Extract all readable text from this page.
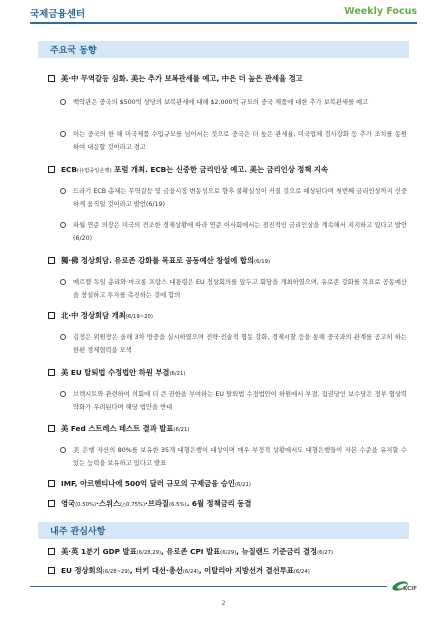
국제금융센터	Weekly Focus
주요국 동향
美·中 무역갈등 심화. 美는 추가 보복관세를 예고, 中은 더 높은 관세율 경고
백악관은 중국의 $500억 상당의 보복관세에 대해 $2,000억 규모의 중국 제품에 대한 추가 보복관세를 예고
이는 중국의 한 해 미국제품 수입규모를 넘어서는 것으로 중국은 더 높은 관세율, 미국업체 검사강화 등 추가 조치를 동원하여 대응할 것이라고 경고
ECB(유럽중앙은행) 포럼 개최. ECB는 신중한 금리인상 예고. 美는 금리인상 정책 지속
드라기 ECB 총재는 무역갈등 및 금융시장 변동성으로 향후 불확실성이 커질 것으로 예상된다며 첫번째 금리인상까지 신중하게 움직일 것이라고 발언(6/19)
파월 연준 의장은 미국의 견조한 경제상황에 따라 연준 이사회에서는 점진적인 금리인상을 계속해서 지지하고 있다고 발언(6/20)
獨·佛 정상회담. 유로존 강화를 목표로 공동예산 창설에 합의(6/19)
메르켈 독일 총리와 마크롱 프랑스 대통령은 EU 정상회의를 앞두고 회담을 개최하였으며, 유로존 강화를 목표로 공동예산을 창설하고 투자를 촉진하는 것에 합의
北·中 정상회담 개최(6/19~20)
김정은 위원장은 올해 3차 방중을 실시하였으며 전략·전술적 협동 강화, 경제시찰 등을 통해 중국과의 관계를 공고히 하는 한편 경제협력을 모색
美 EU 탈퇴법 수정법안 하원 부결(6/21)
브렉시트와 관련하여 의회에 더 큰 권한을 부여하는 EU 탈퇴법 수정법안이 하원에서 부결. 집권당인 보수당은 정부 협상력 약화가 우려된다며 해당 법안을 반대
美 Fed 스트레스 테스트 결과 발표(6/21)
美 은행 자산의 80%를 보유한 35개 대형은행이 대상이며 매우 부정적 상황에서도 대형은행들이 자본 수준을 유지할 수 있는 능력을 보유하고 있다고 발표
IMF, 아르헨티나에 500억 달러 규모의 구제금융 승인(6/21)
영국(0.50%)·스위스(△0.75%)·브라질(6.5%). 6월 정책금리 동결
내주 관심사항
美·英 1분기 GDP 발표(6/28,29), 유로존 CPI 발표(6/29), 뉴질랜드 기준금리 결정(6/27)
EU 정상회의(6/28~29), 터키 대선·총선(6/24), 이탈리아 지방선거 결선투표(6/24)
KCIF
2
